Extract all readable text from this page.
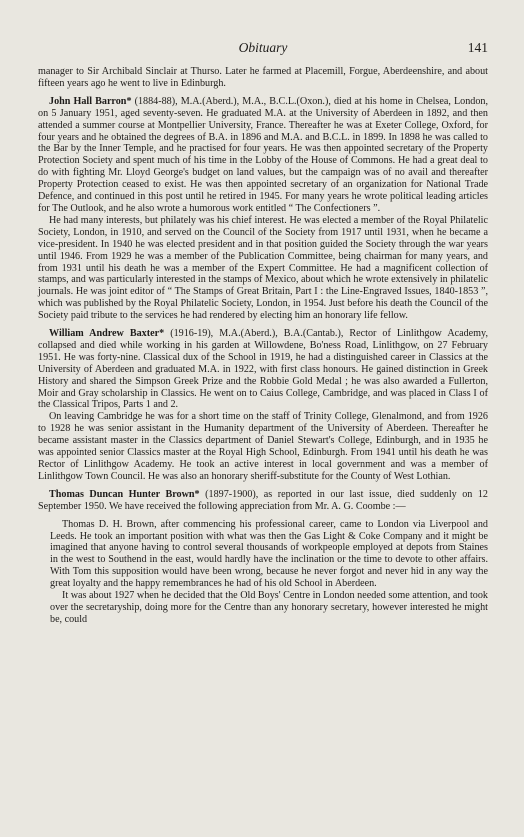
Obituary	141

manager to Sir Archibald Sinclair at Thurso. Later he farmed at Placemill, Forgue, Aberdeenshire, and about fifteen years ago he went to live in Edinburgh.

John Hall Barron* (1884-88), M.A.(Aberd.), M.A., B.C.L.(Oxon.), died at his home in Chelsea, London, on 5 January 1951, aged seventy-seven. He graduated M.A. at the University of Aberdeen in 1892, and then attended a summer course at Montpellier University, France. Thereafter he was at Exeter College, Oxford, for four years and he obtained the degrees of B.A. in 1896 and M.A. and B.C.L. in 1899. In 1898 he was called to the Bar by the Inner Temple, and he practised for four years. He was then appointed secretary of the Property Protection Society and spent much of his time in the Lobby of the House of Commons. He had a great deal to do with fighting Mr. Lloyd George's budget on land values, but the campaign was of no avail and thereafter Property Protection ceased to exist. He was then appointed secretary of an organization for National Trade Defence, and continued in this post until he retired in 1945. For many years he wrote political leading articles for The Outlook, and he also wrote a humorous work entitled “ The Confectioners ”.

He had many interests, but philately was his chief interest. He was elected a member of the Royal Philatelic Society, London, in 1910, and served on the Council of the Society from 1917 until 1931, when he became a vice-president. In 1940 he was elected president and in that position guided the Society through the war years until 1946. From 1929 he was a member of the Publication Committee, being chairman for many years, and from 1931 until his death he was a member of the Expert Committee. He had a magnificent collection of stamps, and was particularly interested in the stamps of Mexico, about which he wrote extensively in philatelic journals. He was joint editor of “ The Stamps of Great Britain, Part I : the Line-Engraved Issues, 1840-1853 ”, which was published by the Royal Philatelic Society, London, in 1954. Just before his death the Council of the Society paid tribute to the services he had rendered by electing him an honorary life fellow.

William Andrew Baxter* (1916-19), M.A.(Aberd.), B.A.(Cantab.), Rector of Linlithgow Academy, collapsed and died while working in his garden at Willowdene, Bo'ness Road, Linlithgow, on 27 February 1951. He was forty-nine. Classical dux of the School in 1919, he had a distinguished career in Classics at the University of Aberdeen and graduated M.A. in 1922, with first class honours. He gained distinction in Greek History and shared the Simpson Greek Prize and the Robbie Gold Medal ; he was also awarded a Fullerton, Moir and Gray scholarship in Classics. He went on to Caius College, Cambridge, and was placed in Class I of the Classical Tripos, Parts 1 and 2.

On leaving Cambridge he was for a short time on the staff of Trinity College, Glenalmond, and from 1926 to 1928 he was senior assistant in the Humanity department of the University of Aberdeen. Thereafter he became assistant master in the Classics department of Daniel Stewart's College, Edinburgh, and in 1935 he was appointed senior Classics master at the Royal High School, Edinburgh. From 1941 until his death he was Rector of Linlithgow Academy. He took an active interest in local government and was a member of Linlithgow Town Council. He was also an honorary sheriff-substitute for the County of West Lothian.

Thomas Duncan Hunter Brown* (1897-1900), as reported in our last issue, died suddenly on 12 September 1950. We have received the following appreciation from Mr. A. G. Coombe :—

Thomas D. H. Brown, after commencing his professional career, came to London via Liverpool and Leeds. He took an important position with what was then the Gas Light & Coke Company and it might be imagined that anyone having to control several thousands of workpeople employed at depots from Staines in the west to Southend in the east, would hardly have the inclination or the time to devote to other affairs. With Tom this supposition would have been wrong, because he never forgot and never hid in any way the great loyalty and the happy remembrances he had of his old School in Aberdeen.

It was about 1927 when he decided that the Old Boys' Centre in London needed some attention, and took over the secretaryship, doing more for the Centre than any honorary secretary, however interested he might be, could
